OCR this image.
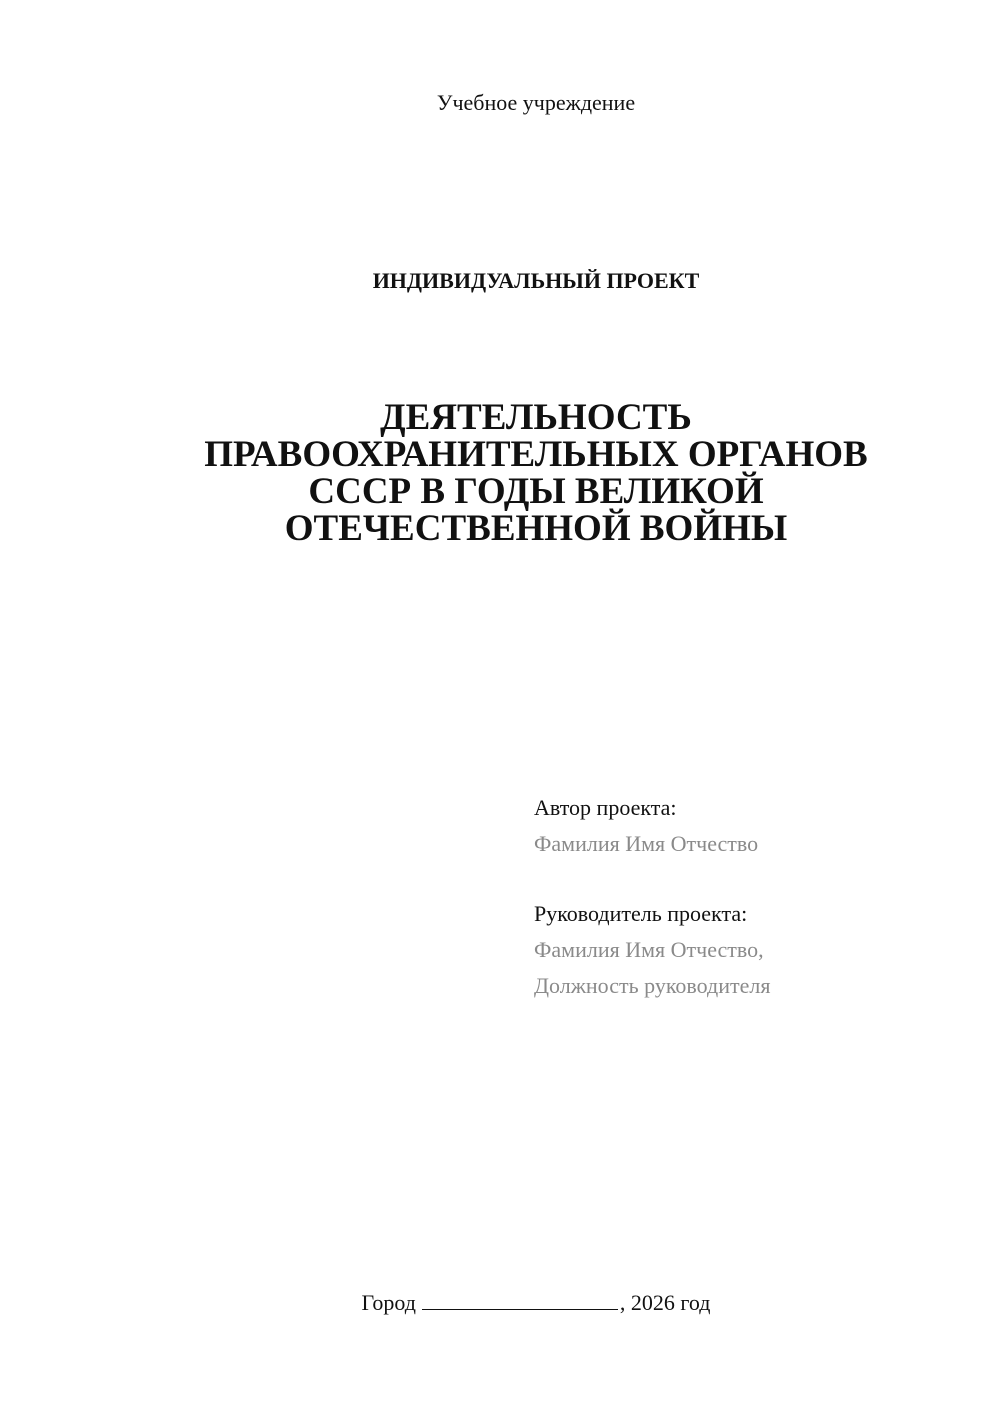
Учебное учреждение
ИНДИВИДУАЛЬНЫЙ ПРОЕКТ
ДЕЯТЕЛЬНОСТЬ
ПРАВООХРАНИТЕЛЬНЫХ ОРГАНОВ
СССР В ГОДЫ ВЕЛИКОЙ
ОТЕЧЕСТВЕННОЙ ВОЙНЫ
Автор проекта:
Фамилия Имя Отчество
Руководитель проекта:
Фамилия Имя Отчество,
Должность руководителя
Город	, 2026 год
